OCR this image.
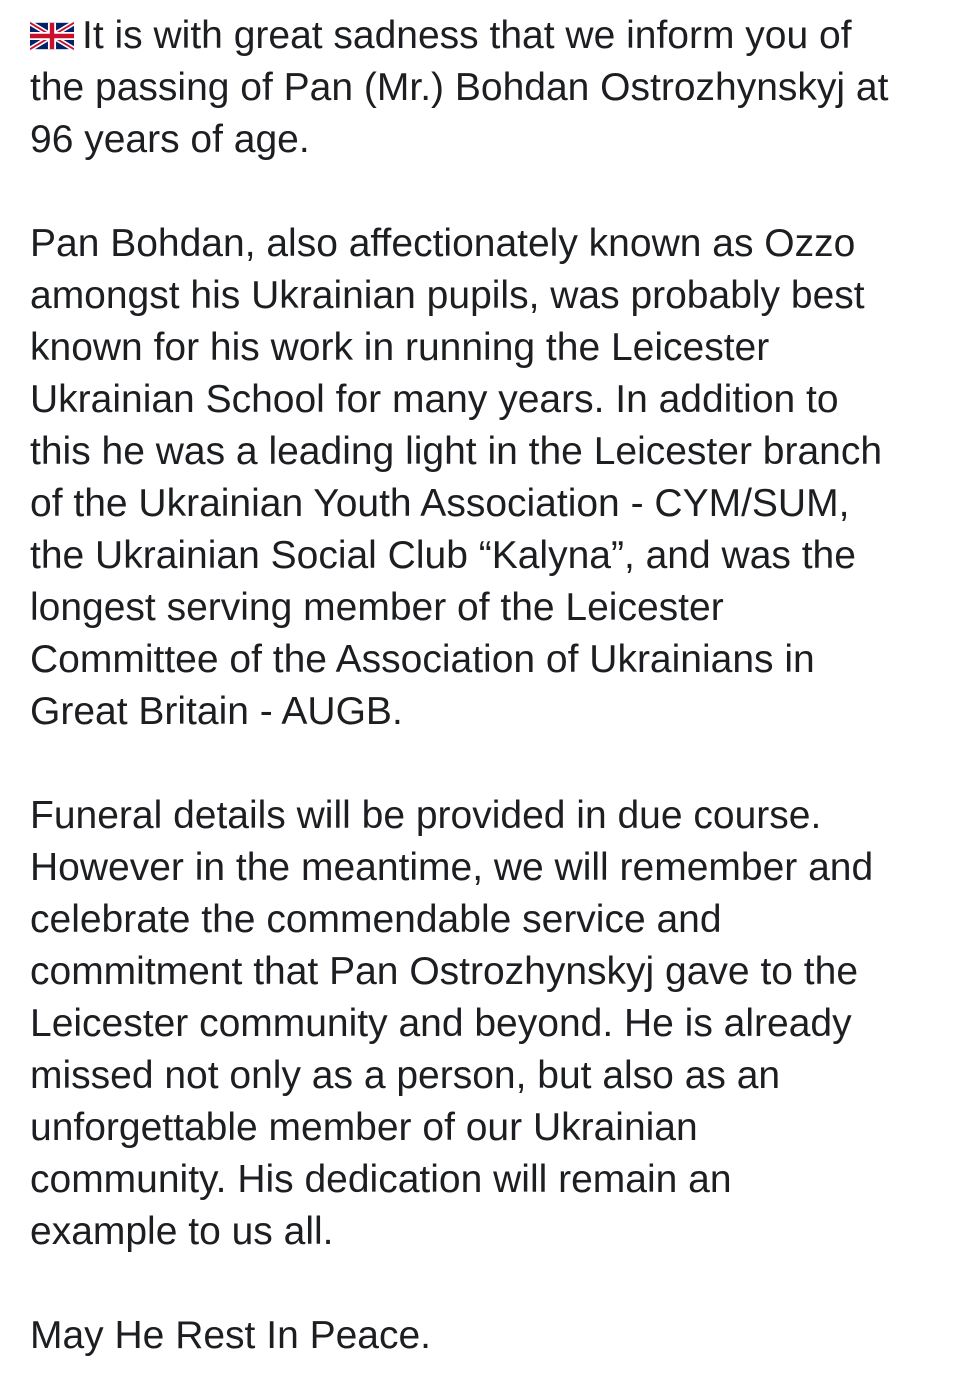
It is with great sadness that we inform you of
the passing of Pan (Mr.) Bohdan Ostrozhynskyj at
96 years of age.

Pan Bohdan, also affectionately known as Ozzo
amongst his Ukrainian pupils, was probably best
known for his work in running the Leicester
Ukrainian School for many years. In addition to
this he was a leading light in the Leicester branch
of the Ukrainian Youth Association - CYM/SUM,
the Ukrainian Social Club “Kalyna”, and was the
longest serving member of the Leicester
Committee of the Association of Ukrainians in
Great Britain - AUGB.

Funeral details will be provided in due course.
However in the meantime, we will remember and
celebrate the commendable service and
commitment that Pan Ostrozhynskyj gave to the
Leicester community and beyond. He is already
missed not only as a person, but also as an
unforgettable member of our Ukrainian
community. His dedication will remain an
example to us all.

May He Rest In Peace.
